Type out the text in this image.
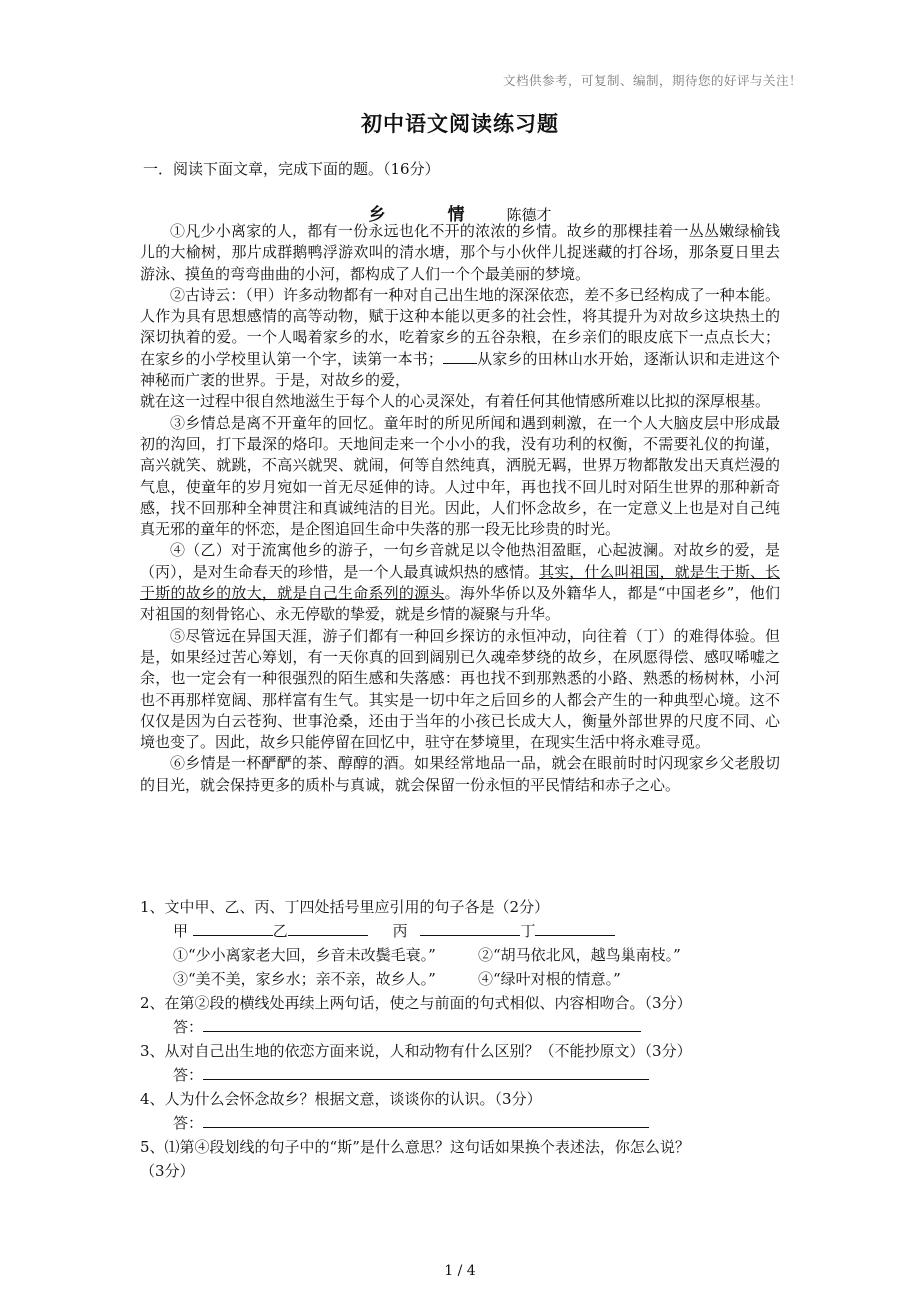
文档供参考，可复制、编制，期待您的好评与关注！
初中语文阅读练习题
一．阅读下面文章，完成下面的题。（16分）
乡 情 陈德才

①凡少小离家的人，都有一份永远也化不开的浓浓的乡情。故乡的那棵挂着一丛丛嫩绿榆钱儿的大榆树，那片成群鹅鸭浮游欢叫的清水塘，那个与小伙伴儿捉迷藏的打谷场，那条夏日里去游泳、摸鱼的弯弯曲曲的小河，都构成了人们一个个最美丽的梦境。

②古诗云：（甲）许多动物都有一种对自己出生地的深深依恋，差不多已经构成了一种本能。人作为具有思想感情的高等动物，赋于这种本能以更多的社会性，将其提升为对故乡这块热土的深切执着的爱。一个人喝着家乡的水，吃着家乡的五谷杂粮，在乡亲们的眼皮底下一点点长大；在家乡的小学校里认第一个字，读第一本书； 从家乡的田林山水开始，逐渐认识和走进这个神秘而广袤的世界。于是，对故乡的爱，

就在这一过程中很自然地滋生于每个人的心灵深处，有着任何其他情感所难以比拟的深厚根基。

③乡情总是离不开童年的回忆。童年时的所见所闻和遇到刺激，在一个人大脑皮层中形成最初的沟回，打下最深的烙印。天地间走来一个小小的我，没有功利的权衡，不需要礼仪的拘谨，高兴就笑、就跳，不高兴就哭、就闹，何等自然纯真，洒脱无羁，世界万物都散发出天真烂漫的气息，使童年的岁月宛如一首无尽延伸的诗。人过中年，再也找不回儿时对陌生世界的那种新奇感，找不回那种全神贯注和真诚纯洁的目光。因此，人们怀念故乡，在一定意义上也是对自己纯真无邪的童年的怀恋，是企图追回生命中失落的那一段无比珍贵的时光。

④（乙）对于流寓他乡的游子，一句乡音就足以令他热泪盈眶，心起波澜。对故乡的爱，是（丙），是对生命春天的珍惜，是一个人最真诚炽热的感情。其实，什么叫祖国，就是生于斯、长于斯的故乡的放大，就是自己生命系列的源头。海外华侨以及外籍华人，都是“中国老乡”，他们对祖国的刻骨铭心、永无停歇的挚爱，就是乡情的凝聚与升华。

⑤尽管远在异国天涯，游子们都有一种回乡探访的永恒冲动，向往着（丁）的难得体验。但是，如果经过苦心筹划，有一天你真的回到阔别已久魂牵梦绕的故乡，在夙愿得偿、感叹唏嘘之余，也一定会有一种很强烈的陌生感和失落感：再也找不到那熟悉的小路、熟悉的杨树林，小河也不再那样宽阔、那样富有生气。其实是一切中年之后回乡的人都会产生的一种典型心境。这不仅仅是因为白云苍狗、世事沧桑，还由于当年的小孩已长成大人，衡量外部世界的尺度不同、心境也变了。因此，故乡只能停留在回忆中，驻守在梦境里，在现实生活中将永难寻觅。

⑥乡情是一杯酽酽的茶、醇醇的酒。如果经常地品一品，就会在眼前时时闪现家乡父老殷切的目光，就会保持更多的质朴与真诚，就会保留一份永恒的平民情结和赤子之心。

1、文中甲、乙、丙、丁四处括号里应引用的句子各是（2分）
甲	乙	丙	丁
①“少小离家老大回，乡音未改鬓毛衰。”	②“胡马依北风，越鸟巢南枝。”
③“美不美，家乡水；亲不亲，故乡人。”	④“绿叶对根的情意。”
2、在第②段的横线处再续上两句话，使之与前面的句式相似、内容相吻合。（3分）
答：
3、从对自己出生地的依恋方面来说，人和动物有什么区别？（不能抄原文）（3分）
答：
4、人为什么会怀念故乡？根据文意，谈谈你的认识。（3分）
答：
5、⑴第④段划线的句子中的“斯”是什么意思？这句话如果换个表述法，你怎么说？
（3分）
1 / 4
